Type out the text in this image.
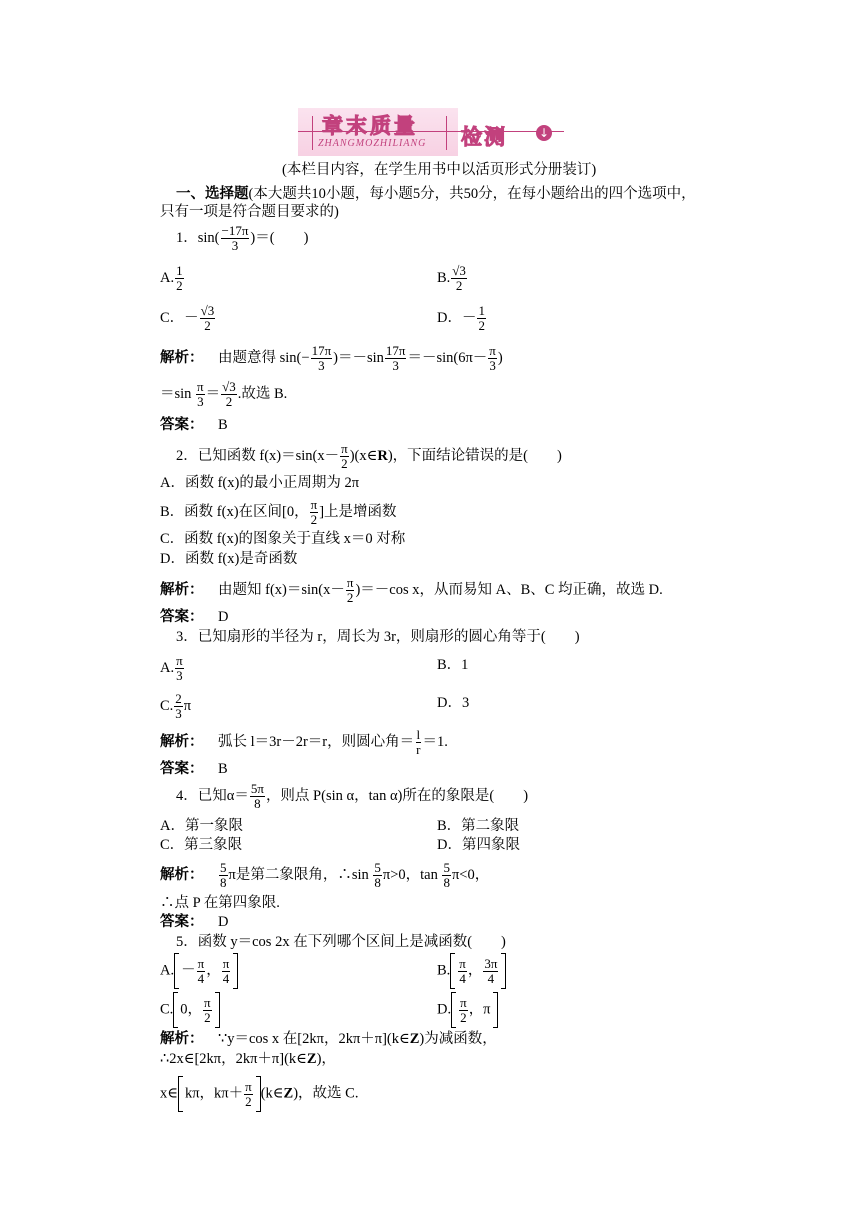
章末质量 检测
ZHANGMOZHILIANG
↓
(本栏目内容，在学生用书中以活页形式分册装订)
一、选择题(本大题共10小题，每小题5分，共50分，在每小题给出的四个选项中，
只有一项是符合题目要求的)
1．$\sin( \frac{-17\pi}{3}$ )＝(　　)
A. $\frac{1}{2}$	B. $\frac{√3}{2}$
C．－ $\frac{√3}{2}$	D．－ $\frac{1}{2}$
解析： 由题意得 $\sin(- \frac{17\pi}{3} )=-\sin \frac{17\pi}{3} =-\sin(6\pi- \frac{\pi}{3}$ )
$=\sin \frac{\pi}{3} = \frac{√3}{2}$ .故选 B.
答案： B
2．已知函数 $f(x)=\sin(x- \frac{\pi}{2}$ )(x∈R)，下面结论错误的是(　　)
A．函数 f(x)的最小正周期为 2π
B．函数 f(x)在区间[0， $\frac{\pi}{2}$ ]上是增函数
C．函数 f(x)的图象关于直线 x＝0 对称
D．函数 f(x)是奇函数
解析： 由题知 $f(x)=\sin(x- \frac{\pi}{2} )=-\cos$ x，从而易知 A、B、C 均正确，故选 D.
答案： D
3．已知扇形的半径为 r，周长为 3r，则扇形的圆心角等于(　　)
A. $\frac{\pi}{3}$	B．1
C. $\frac{2}{3}$ π	D．3
解析： 弧长 l＝3r－2r＝r，则圆心角＝ $\frac{l}{r} =1$.
答案： B
4．已知$\alpha= \frac{5\pi}{8}$ ，则点 P(sin α，tan α)所在的象限是(　　)
A．第一象限	B．第二象限
C．第三象限	D．第四象限
解析： $\frac{5}{8}$ π是第二象限角，∴sin $\frac{5}{8} \pi>0$，$\tan \frac{5}{8} \pi<0$，
∴点 P 在第四象限.
答案： D
5．函数 y＝cos 2x 在下列哪个区间上是减函数(　　)
A. － $\frac{\pi}{4}$ ， $\frac{\pi}{4}$	B. $\frac{\pi}{4}$ ， $\frac{3\pi}{4}$
C. 0， $\frac{\pi}{2}$	D. $\frac{\pi}{2}$ ，π
解析： ∵y＝cos x 在[2kπ，2kπ＋π](k∈Z)为减函数，
∴2x∈[2kπ，2kπ＋π](k∈Z)，
x∈ kπ，$k\pi+ \frac{\pi}{2}$ (k∈Z)，故选 C.
